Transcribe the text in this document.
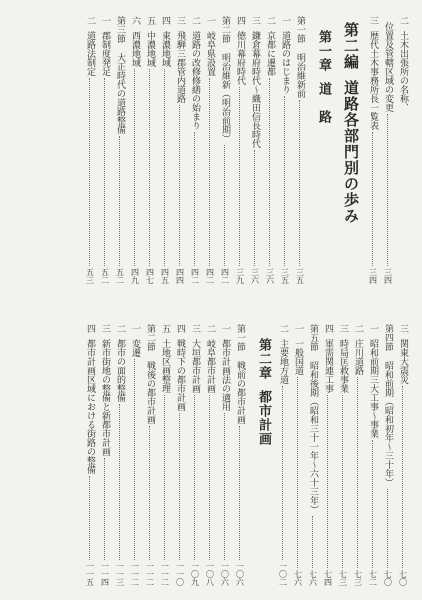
二
土木出張所の名称、
位置及管轄区域の変更
三四
三
歴代土木事務所長一覧表
三四
第二編
道路各部門別の歩み
第一章
道　路
第一節
明治維新前
三五
一
道路のはじまり
三五
二
京都に遷都
三六
三
鎌倉幕府時代〜織田信長時代
三六
四
徳川幕府時代
三九
第二節
明治維新（明治前期）
四二
一
岐阜県設置
四二
二
道路の改修修繕の始まり
四二
三
飛騨三郡管内道路
四四
四
東濃地域
四五
五
中濃地域
四七
六
西濃地域
四九
第三節
大正時代の道路整備
五二
一
郡制度発足
五二
二
道路法制定
五三
三
関東大震災
七〇
第四節
昭和前期（昭和初年〜三十年）
七〇
一
昭和前期三大工事〜事業
七二
二
庄川道路
七三
三
時局匡救事業
七三
四
軍需関連工事
七四
第五節
昭和後期（昭和三十一年〜六十三年）
七六
一
一般国道
七六
二
主要地方道
一〇二
第二章
都市計画
第一節
戦前の都市計画
一〇六
一
都市計画法の適用
一〇六
二
岐阜都市計画
一〇八
三
大垣都市計画
一〇九
四
戦時下の都市計画
一一〇
五
土地区画整理
一一二
第二節
戦後の都市計画
一一二
一
変遷
一一二
二
都市の面的整備
一一三
三
新市街地の整備と新都市計画
一一四
四
都市計画区域における街路の整備
一一五
